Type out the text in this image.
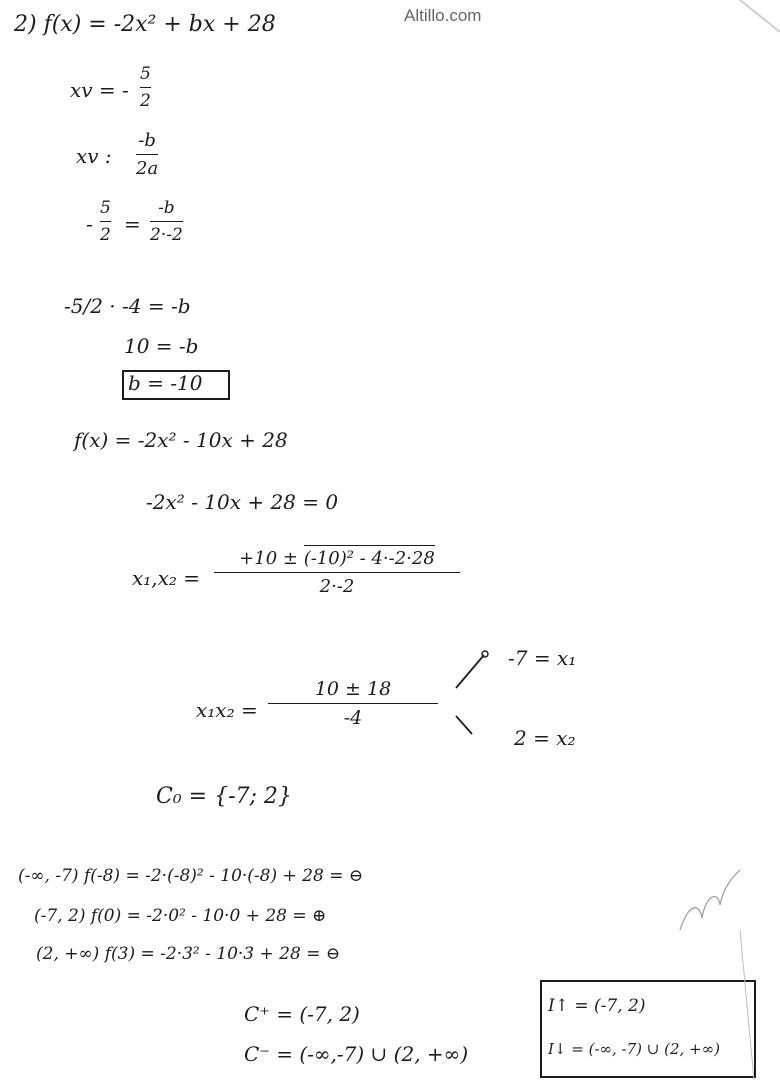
Altillo.com
2) f(x) = -2x² + bx + 28
xv = -
5
2
xv :
-b
2a
-
5
2 =
-b
2·-2
-5/2 · -4 = -b
10 = -b
b = -10
f(x) = -2x² - 10x + 28
-2x² - 10x + 28 = 0
x₁,x₂ =
+10 ± (-10)² - 4·-2·28
2·-2
x₁x₂ =
10 ± 18
-4
-7 = x₁
2 = x₂
C₀ = {-7; 2}
(-∞, -7) f(-8) = -2·(-8)² - 10·(-8) + 28 = ⊖
(-7, 2) f(0) = -2·0² - 10·0 + 28 = ⊕
(2, +∞) f(3) = -2·3² - 10·3 + 28 = ⊖
C⁺ = (-7, 2)
C⁻ = (-∞,-7) ∪ (2, +∞)
I↑ = (-7, 2)
I↓ = (-∞, -7) ∪ (2, +∞)
